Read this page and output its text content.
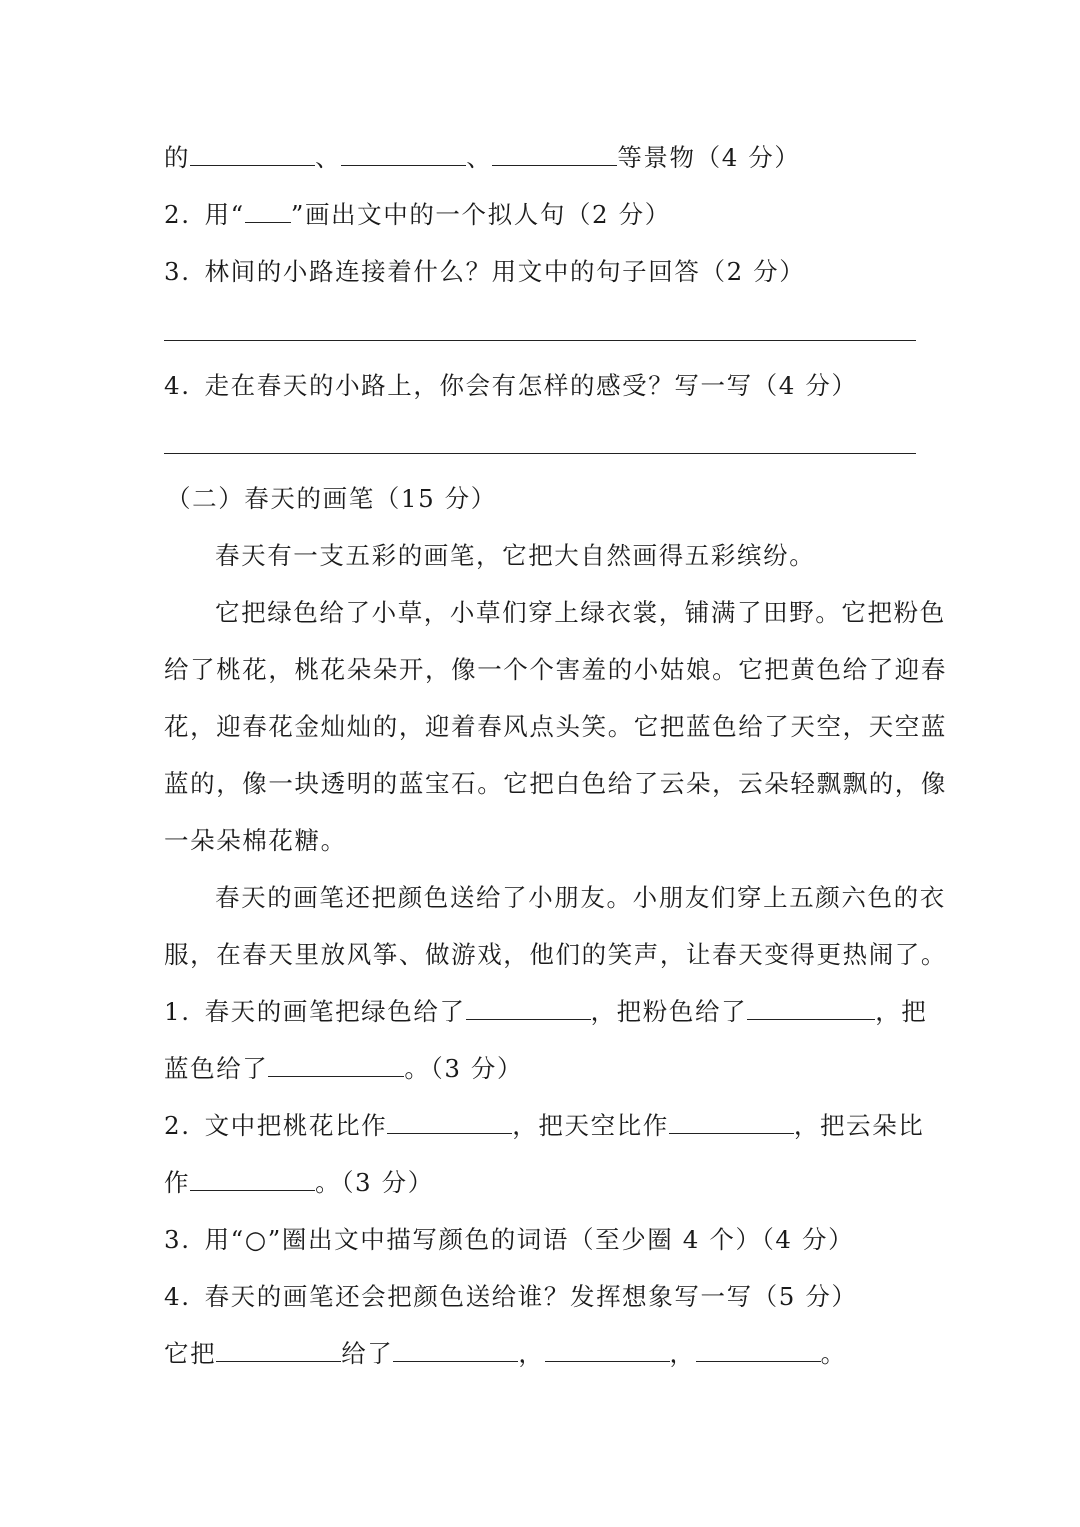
的	、	、	等景物（4 分）
2. 用“ ”画出文中的一个拟人句（2 分）
3. 林间的小路连接着什么？用文中的句子回答（2 分）
4. 走在春天的小路上，你会有怎样的感受？写一写（4 分）
（二）春天的画笔（15 分）
春天有一支五彩的画笔，它把大自然画得五彩缤纷。
它把绿色给了小草，小草们穿上绿衣裳，铺满了田野。它把粉色
给了桃花，桃花朵朵开，像一个个害羞的小姑娘。它把黄色给了迎春
花，迎春花金灿灿的，迎着春风点头笑。它把蓝色给了天空，天空蓝
蓝的，像一块透明的蓝宝石。它把白色给了云朵，云朵轻飘飘的，像
一朵朵棉花糖。
春天的画笔还把颜色送给了小朋友。小朋友们穿上五颜六色的衣
服，在春天里放风筝、做游戏，他们的笑声，让春天变得更热闹了。
1. 春天的画笔把绿色给了	，把粉色给了	，把
蓝色给了	。（3 分）
2. 文中把桃花比作	，把天空比作	，把云朵比
作	。（3 分）
3. 用“○”圈出文中描写颜色的词语（至少圈 4 个）（4 分）
4. 春天的画笔还会把颜色送给谁？发挥想象写一写（5 分）
它把	给了	，	，	。
